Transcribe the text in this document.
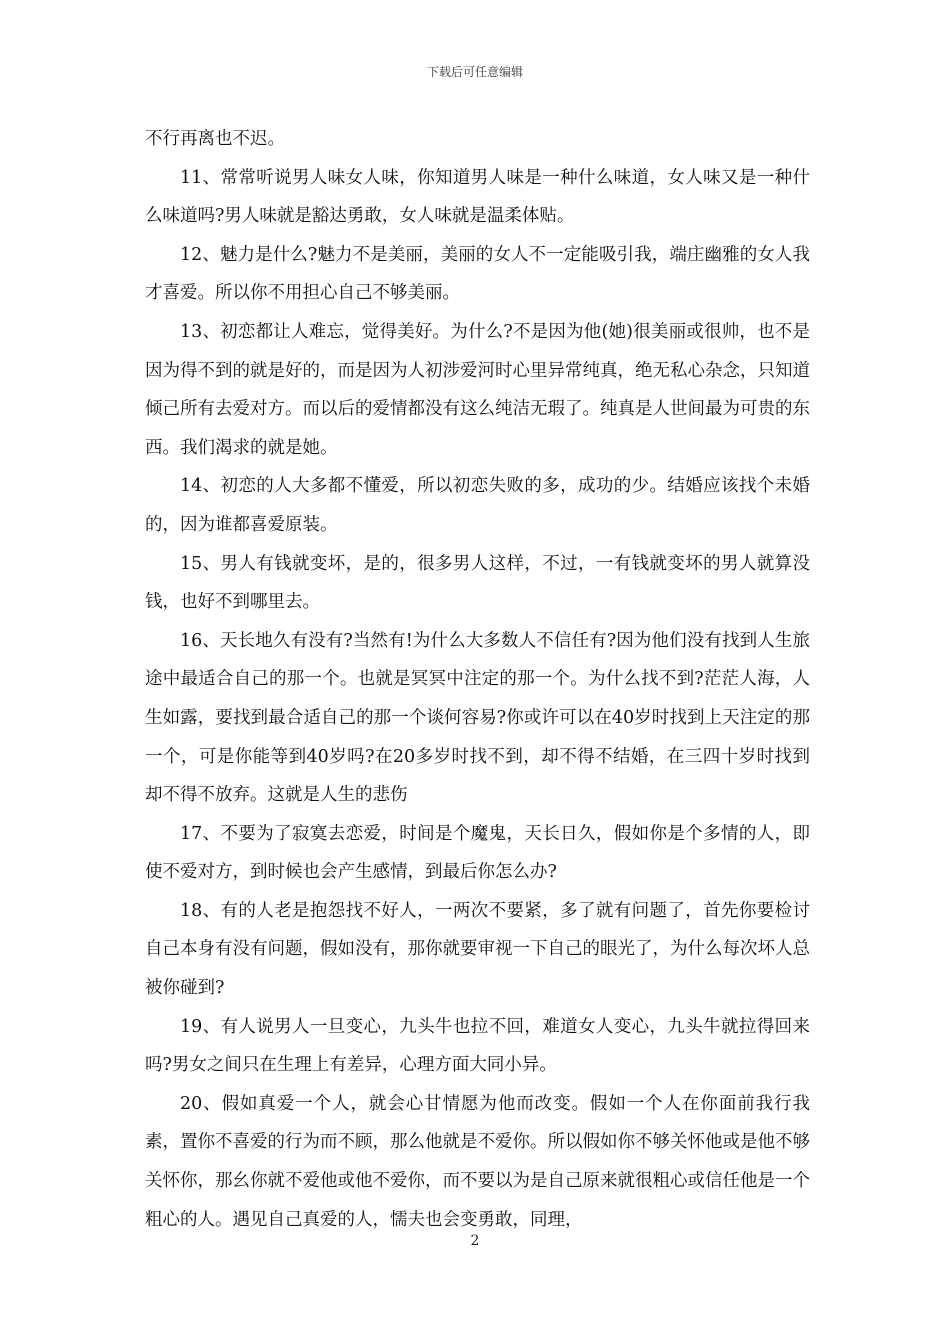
下载后可任意编辑

不行再离也不迟。

11、常常听说男人味女人味，你知道男人味是一种什么味道，女人味又是一种什么味道吗?男人味就是豁达勇敢，女人味就是温柔体贴。

12、魅力是什么?魅力不是美丽，美丽的女人不一定能吸引我，端庄幽雅的女人我才喜爱。所以你不用担心自己不够美丽。

13、初恋都让人难忘，觉得美好。为什么?不是因为他(她)很美丽或很帅，也不是因为得不到的就是好的，而是因为人初涉爱河时心里异常纯真，绝无私心杂念，只知道倾己所有去爱对方。而以后的爱情都没有这么纯洁无瑕了。纯真是人世间最为可贵的东西。我们渴求的就是她。

14、初恋的人大多都不懂爱，所以初恋失败的多，成功的少。结婚应该找个未婚的，因为谁都喜爱原装。

15、男人有钱就变坏，是的，很多男人这样，不过，一有钱就变坏的男人就算没钱，也好不到哪里去。

16、天长地久有没有?当然有!为什么大多数人不信任有?因为他们没有找到人生旅途中最适合自己的那一个。也就是冥冥中注定的那一个。为什么找不到?茫茫人海，人生如露，要找到最合适自己的那一个谈何容易?你或许可以在40岁时找到上天注定的那一个，可是你能等到40岁吗?在20多岁时找不到，却不得不结婚，在三四十岁时找到却不得不放弃。这就是人生的悲伤

17、不要为了寂寞去恋爱，时间是个魔鬼，天长日久，假如你是个多情的人，即使不爱对方，到时候也会产生感情，到最后你怎么办?

18、有的人老是抱怨找不好人，一两次不要紧，多了就有问题了，首先你要检讨自己本身有没有问题，假如没有，那你就要审视一下自己的眼光了，为什么每次坏人总被你碰到?

19、有人说男人一旦变心，九头牛也拉不回，难道女人变心，九头牛就拉得回来吗?男女之间只在生理上有差异，心理方面大同小异。

20、假如真爱一个人，就会心甘情愿为他而改变。假如一个人在你面前我行我素，置你不喜爱的行为而不顾，那么他就是不爱你。所以假如你不够关怀他或是他不够关怀你，那幺你就不爱他或他不爱你，而不要以为是自己原来就很粗心或信任他是一个粗心的人。遇见自己真爱的人，懦夫也会变勇敢，同理，

2
